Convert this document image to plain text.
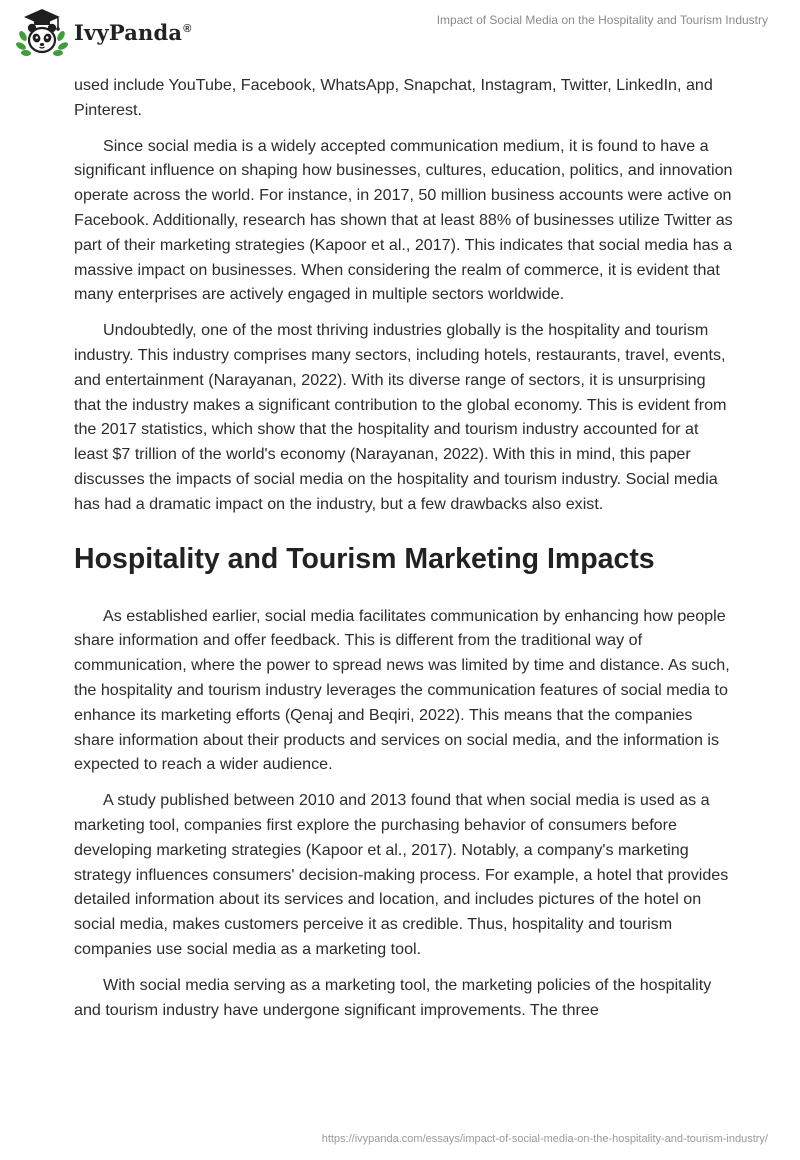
IvyPanda®
Impact of Social Media on the Hospitality and Tourism Industry

used include YouTube, Facebook, WhatsApp, Snapchat, Instagram, Twitter, LinkedIn, and Pinterest.

Since social media is a widely accepted communication medium, it is found to have a significant influence on shaping how businesses, cultures, education, politics, and innovation operate across the world. For instance, in 2017, 50 million business accounts were active on Facebook. Additionally, research has shown that at least 88% of businesses utilize Twitter as part of their marketing strategies (Kapoor et al., 2017). This indicates that social media has a massive impact on businesses. When considering the realm of commerce, it is evident that many enterprises are actively engaged in multiple sectors worldwide.

Undoubtedly, one of the most thriving industries globally is the hospitality and tourism industry. This industry comprises many sectors, including hotels, restaurants, travel, events, and entertainment (Narayanan, 2022). With its diverse range of sectors, it is unsurprising that the industry makes a significant contribution to the global economy. This is evident from the 2017 statistics, which show that the hospitality and tourism industry accounted for at least $7 trillion of the world's economy (Narayanan, 2022). With this in mind, this paper discusses the impacts of social media on the hospitality and tourism industry. Social media has had a dramatic impact on the industry, but a few drawbacks also exist.

Hospitality and Tourism Marketing Impacts

As established earlier, social media facilitates communication by enhancing how people share information and offer feedback. This is different from the traditional way of communication, where the power to spread news was limited by time and distance. As such, the hospitality and tourism industry leverages the communication features of social media to enhance its marketing efforts (Qenaj and Beqiri, 2022). This means that the companies share information about their products and services on social media, and the information is expected to reach a wider audience.

A study published between 2010 and 2013 found that when social media is used as a marketing tool, companies first explore the purchasing behavior of consumers before developing marketing strategies (Kapoor et al., 2017). Notably, a company's marketing strategy influences consumers' decision-making process. For example, a hotel that provides detailed information about its services and location, and includes pictures of the hotel on social media, makes customers perceive it as credible. Thus, hospitality and tourism companies use social media as a marketing tool.

With social media serving as a marketing tool, the marketing policies of the hospitality and tourism industry have undergone significant improvements. The three

https://ivypanda.com/essays/impact-of-social-media-on-the-hospitality-and-tourism-industry/
